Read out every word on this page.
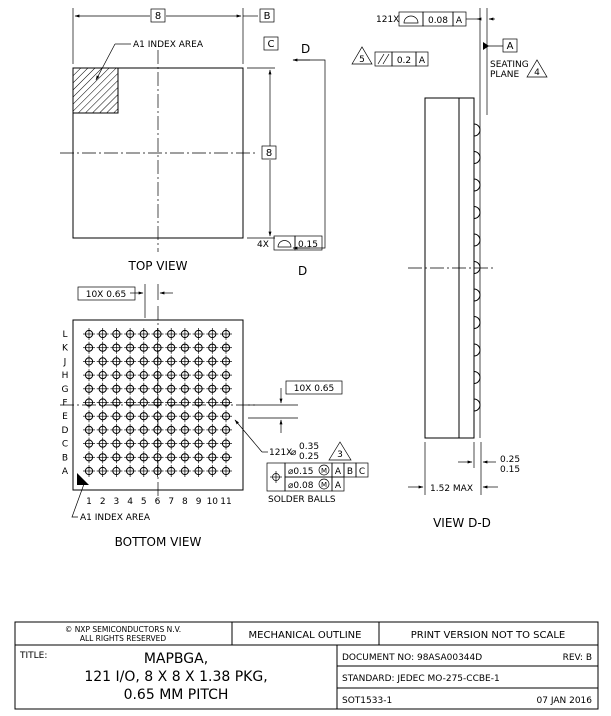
8	B
A1 INDEX AREA	C
8
D
D
4X	0.15
TOP VIEW
121X	0.08 A
A
SEATING
PLANE 4
5	0.2 A
1.52 MAX
0.25
0.15
VIEW D-D
L
K
J
H
G
F
E
D
C
B
A
1 2 3 4 5 6 7 8 9 10 11
10X 0.65
10X 0.65
121X
⌀
0.35
0.25 3
⌀0.15 M A B C
⌀0.08 M A
SOLDER BALLS
A1 INDEX AREA
BOTTOM VIEW
© NXP SEMICONDUCTORS N.V.
ALL RIGHTS RESERVED	MECHANICAL OUTLINE	PRINT VERSION NOT TO SCALE
TITLE:	MAPBGA,
121 I/O, 8 X 8 X 1.38 PKG,
0.65 MM PITCH
DOCUMENT NO: 98ASA00344D	REV: B
STANDARD: JEDEC MO-275-CCBE-1
SOT1533-1	07 JAN 2016
